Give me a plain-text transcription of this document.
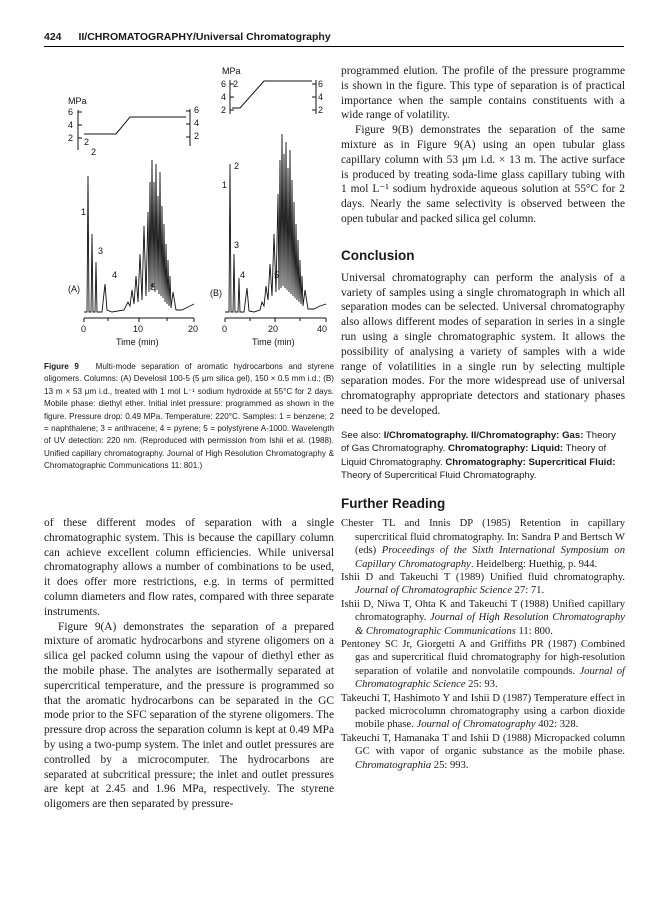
424 II/CHROMATOGRAPHY/Universal Chromatography
MPa
6
4
2 2
6
4
2
1
2
3
4
5
(A)
0	10	20
Time (min)
MPa
6
4
2
2	6
4
2
1
2
3
4	5
(B)
0	20	40
Time (min)
Figure 9 Multi-mode separation of aromatic hydrocarbons and styrene oligomers. Columns: (A) Develosil 100-5 (5 μm silica gel), 150 × 0.5 mm i.d.; (B) 13 m × 53 μm i.d., treated with 1 mol L⁻¹ sodium hydroxide at 55°C for 2 days. Mobile phase: diethyl ether. Initial inlet pressure: programmed as shown in the figure. Pressure drop: 0.49 MPa. Temperature: 220°C. Samples: 1 = benzene; 2 = naphthalene; 3 = anthracene; 4 = pyrene; 5 = polystyrene A-1000. Wavelength of UV detection: 220 nm. (Reproduced with permission from Ishii et al. (1988). Unified capillary chromatography. Journal of High Resolution Chromatography & Chromatographic Communications 11: 801.)

of these different modes of separation with a single chromatographic system. This is because the capillary column can achieve excellent column efficiencies. While universal chromatography allows a number of combinations to be used, it does offer more restrictions, e.g. in terms of permitted column diameters and flow rates, compared with three separate instruments.

Figure 9(A) demonstrates the separation of a prepared mixture of aromatic hydrocarbons and styrene oligomers on a silica gel packed column using the vapour of diethyl ether as the mobile phase. The analytes are isothermally separated at supercritical temperature, and the pressure is programmed so that the aromatic hydrocarbons can be separated in the GC mode prior to the SFC separation of the styrene oligomers. The pressure drop across the separation column is kept at 0.49 MPa by using a two-pump system. The inlet and outlet pressures are controlled by a microcomputer. The hydrocarbons are separated at subcritical pressure; the inlet and outlet pressures are kept at 2.45 and 1.96 MPa, respectively. The styrene oligomers are then separated by pressure-

programmed elution. The profile of the pressure programme is shown in the figure. This type of separation is of practical importance when the sample contains constituents with a wide range of volatility.

Figure 9(B) demonstrates the separation of the same mixture as in Figure 9(A) using an open tubular glass capillary column with 53 μm i.d. × 13 m. The active surface is produced by treating soda-lime glass capillary tubing with 1 mol L⁻¹ sodium hydroxide aqueous solution at 55°C for 2 days. Nearly the same selectivity is observed between the open tubular and packed silica gel column.

Conclusion

Universal chromatography can perform the analysis of a variety of samples using a single chromatograph in which all separation modes can be selected. Universal chromatography also allows different modes of separation in series in a single run using a single chromatographic system. It allows the possibility of analysing a variety of samples with a wide range of volatilities in a single run by selecting multiple separation modes. For the more widespread use of universal chromatography appropriate detectors and stationary phases need to be developed.

See also: I/Chromatography. II/Chromatography: Gas: Theory of Gas Chromatography. Chromatography: Liquid: Theory of Liquid Chromatography. Chromatography: Supercritical Fluid: Theory of Supercritical Fluid Chromatography.

Further Reading

Chester TL and Innis DP (1985) Retention in capillary supercritical fluid chromatography. In: Sandra P and Bertsch W (eds) Proceedings of the Sixth International Symposium on Capillary Chromatography. Heidelberg: Huethig, p. 944.

Ishii D and Takeuchi T (1989) Unified fluid chromatography. Journal of Chromatographic Science 27: 71.

Ishii D, Niwa T, Ohta K and Takeuchi T (1988) Unified capillary chromatography. Journal of High Resolution Chromatography & Chromatographic Communications 11: 800.

Pentoney SC Jr, Giorgetti A and Griffiths PR (1987) Combined gas and supercritical fluid chromatography for high-resolution separation of volatile and nonvolatile compounds. Journal of Chromatographic Science 25: 93.

Takeuchi T, Hashimoto Y and Ishii D (1987) Temperature effect in packed microcolumn chromatography using a carbon dioxide mobile phase. Journal of Chromatography 402: 328.

Takeuchi T, Hamanaka T and Ishii D (1988) Micropacked column GC with vapor of organic substance as the mobile phase. Chromatographia 25: 993.
